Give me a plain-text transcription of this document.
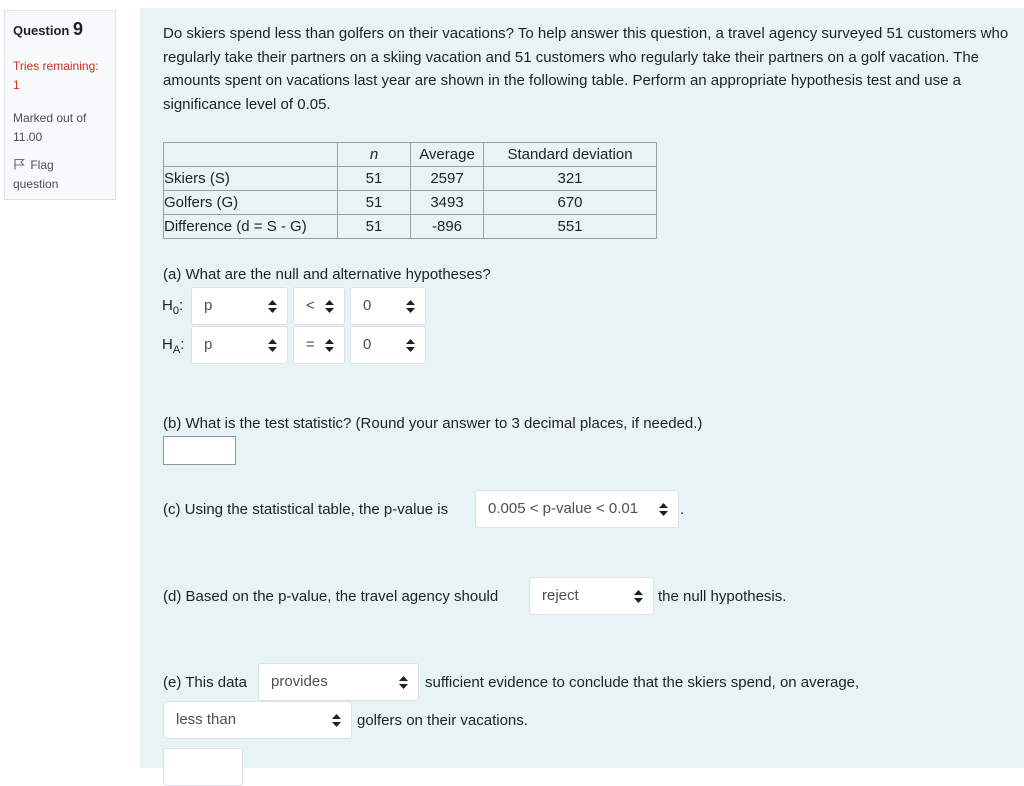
Question 9
Tries remaining:
1
Marked out of
11.00
Flag
question
Do skiers spend less than golfers on their vacations? To help answer this question, a travel agency surveyed 51 customers who regularly take their partners on a skiing vacation and 51 customers who regularly take their partners on a golf vacation. The amounts spent on vacations last year are shown in the following table. Perform an appropriate hypothesis test and use a significance level of 0.05.
	n	Average	Standard deviation
Skiers (S)	51	2597	321
Golfers (G)	51	3493	670
Difference (d = S - G)	51	-896	551
(a) What are the null and alternative hypotheses?
$H_0$:	p	<	0
$H_A$:	p	=	0
(b) What is the test statistic? (Round your answer to 3 decimal places, if needed.)
(c) Using the statistical table, the p-value is	0.005 < p-value < 0.01	.
(d) Based on the p-value, the travel agency should	reject	the null hypothesis.
(e) This data	provides	sufficient evidence to conclude that the skiers spend, on average,
less than	golfers on their vacations.
